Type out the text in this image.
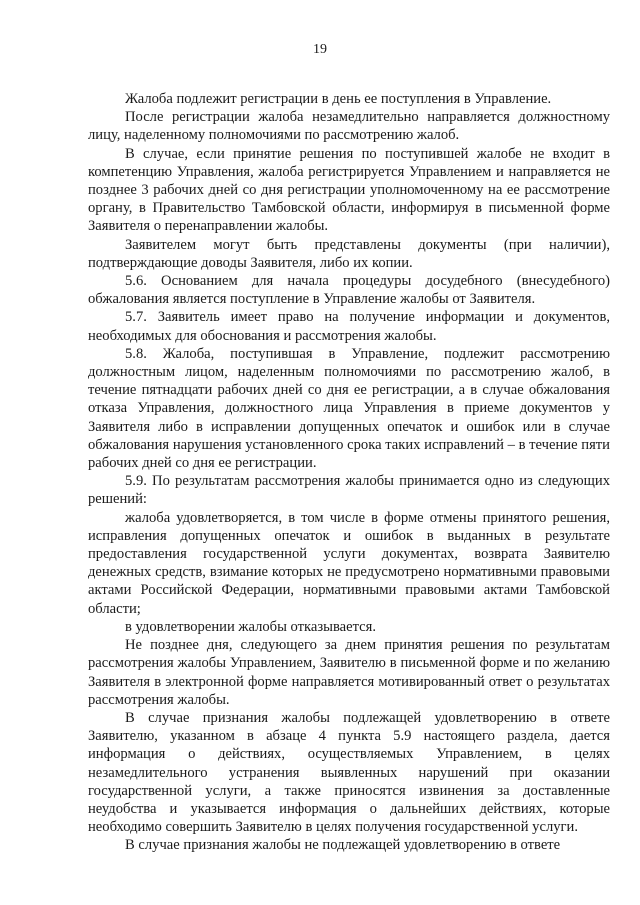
19

Жалоба подлежит регистрации в день ее поступления в Управление.

После регистрации жалоба незамедлительно направляется должностному лицу, наделенному полномочиями по рассмотрению жалоб.

В случае, если принятие решения по поступившей жалобе не входит в компетенцию Управления, жалоба регистрируется Управлением и направляется не позднее 3 рабочих дней со дня регистрации уполномоченному на ее рассмотрение органу, в Правительство Тамбовской области, информируя в письменной форме Заявителя о перенаправлении жалобы.

Заявителем могут быть представлены документы (при наличии), подтверждающие доводы Заявителя, либо их копии.

5.6. Основанием для начала процедуры досудебного (внесудебного) обжалования является поступление в Управление жалобы от Заявителя.

5.7. Заявитель имеет право на получение информации и документов, необходимых для обоснования и рассмотрения жалобы.

5.8. Жалоба, поступившая в Управление, подлежит рассмотрению должностным лицом, наделенным полномочиями по рассмотрению жалоб, в течение пятнадцати рабочих дней со дня ее регистрации, а в случае обжалования отказа Управления, должностного лица Управления в приеме документов у Заявителя либо в исправлении допущенных опечаток и ошибок или в случае обжалования нарушения установленного срока таких исправлений – в течение пяти рабочих дней со дня ее регистрации.

5.9. По результатам рассмотрения жалобы принимается одно из следующих решений:

жалоба удовлетворяется, в том числе в форме отмены принятого решения, исправления допущенных опечаток и ошибок в выданных в результате предоставления государственной услуги документах, возврата Заявителю денежных средств, взимание которых не предусмотрено нормативными правовыми актами Российской Федерации, нормативными правовыми актами Тамбовской области;

в удовлетворении жалобы отказывается.

Не позднее дня, следующего за днем принятия решения по результатам рассмотрения жалобы Управлением, Заявителю в письменной форме и по желанию Заявителя в электронной форме направляется мотивированный ответ о результатах рассмотрения жалобы.

В случае признания жалобы подлежащей удовлетворению в ответе Заявителю, указанном в абзаце 4 пункта 5.9 настоящего раздела, дается информация о действиях, осуществляемых Управлением, в целях незамедлительного устранения выявленных нарушений при оказании государственной услуги, а также приносятся извинения за доставленные неудобства и указывается информация о дальнейших действиях, которые необходимо совершить Заявителю в целях получения государственной услуги.

В случае признания жалобы не подлежащей удовлетворению в ответе
